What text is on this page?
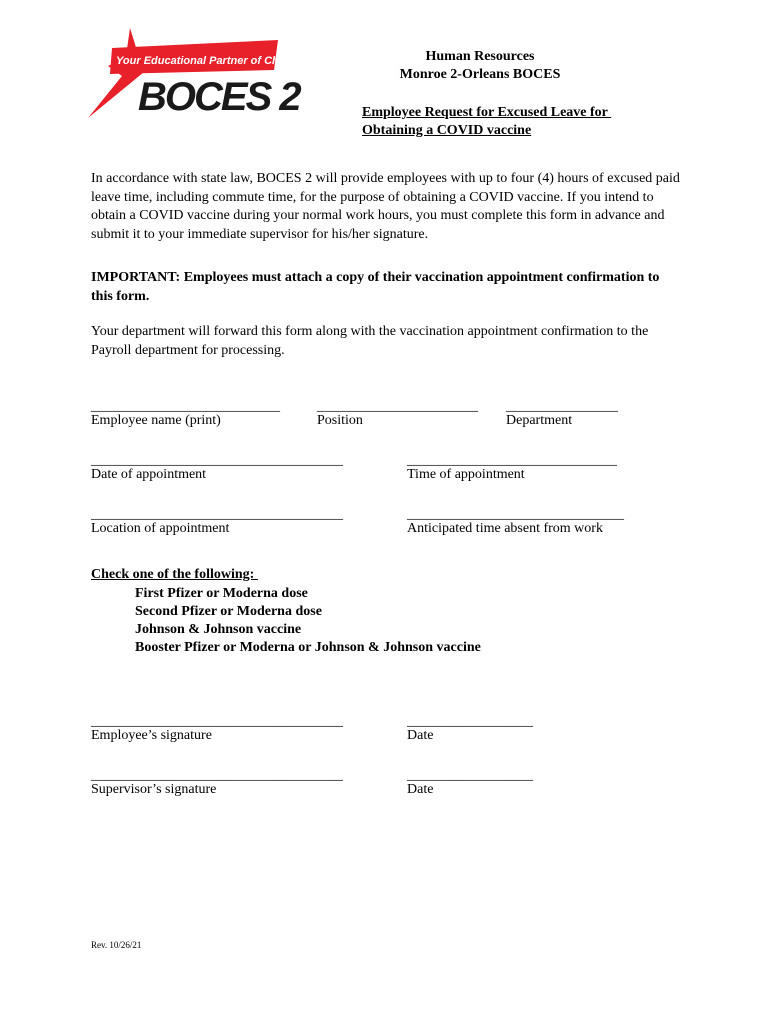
Your Educational Partner of Choice
BOCES 2
Human Resources
Monroe 2-Orleans BOCES
Employee Request for Excused Leave for
Obtaining a COVID vaccine
In accordance with state law, BOCES 2 will provide employees with up to four (4) hours of excused paid leave time, including commute time, for the purpose of obtaining a COVID vaccine. If you intend to obtain a COVID vaccine during your normal work hours, you must complete this form in advance and submit it to your immediate supervisor for his/her signature.
IMPORTANT: Employees must attach a copy of their vaccination appointment confirmation to this form.
Your department will forward this form along with the vaccination appointment confirmation to the Payroll department for processing.
___________________________
Employee name (print)
_______________________
Position
________________
Department
____________________________________
Date of appointment
______________________________
Time of appointment
____________________________________
Location of appointment
_______________________________
Anticipated time absent from work
Check one of the following:
First Pfizer or Moderna dose
Second Pfizer or Moderna dose
Johnson & Johnson vaccine
Booster Pfizer or Moderna or Johnson & Johnson vaccine
____________________________________
Employee’s signature
__________________
Date
____________________________________
Supervisor’s signature
__________________
Date
Rev. 10/26/21
